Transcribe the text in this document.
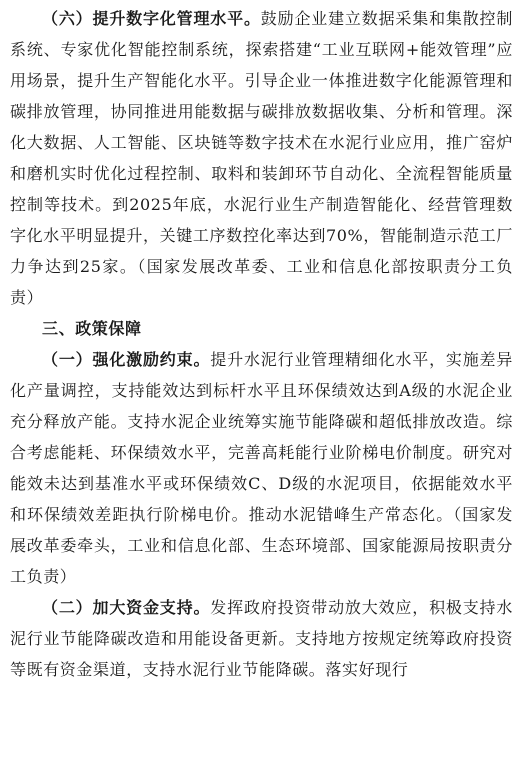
（六）提升数字化管理水平。鼓励企业建立数据采集和集散控制系统、专家优化智能控制系统，探索搭建“工业互联网+能效管理”应用场景，提升生产智能化水平。引导企业一体推进数字化能源管理和碳排放管理，协同推进用能数据与碳排放数据收集、分析和管理。深化大数据、人工智能、区块链等数字技术在水泥行业应用，推广窑炉和磨机实时优化过程控制、取料和装卸环节自动化、全流程智能质量控制等技术。到2025年底，水泥行业生产制造智能化、经营管理数字化水平明显提升，关键工序数控化率达到70%，智能制造示范工厂力争达到25家。（国家发展改革委、工业和信息化部按职责分工负责）

三、政策保障

（一）强化激励约束。提升水泥行业管理精细化水平，实施差异化产量调控，支持能效达到标杆水平且环保绩效达到A级的水泥企业充分释放产能。支持水泥企业统筹实施节能降碳和超低排放改造。综合考虑能耗、环保绩效水平，完善高耗能行业阶梯电价制度。研究对能效未达到基准水平或环保绩效C、D级的水泥项目，依据能效水平和环保绩效差距执行阶梯电价。推动水泥错峰生产常态化。（国家发展改革委牵头，工业和信息化部、生态环境部、国家能源局按职责分工负责）

（二）加大资金支持。发挥政府投资带动放大效应，积极支持水泥行业节能降碳改造和用能设备更新。支持地方按规定统筹政府投资等既有资金渠道，支持水泥行业节能降碳。落实好现行
